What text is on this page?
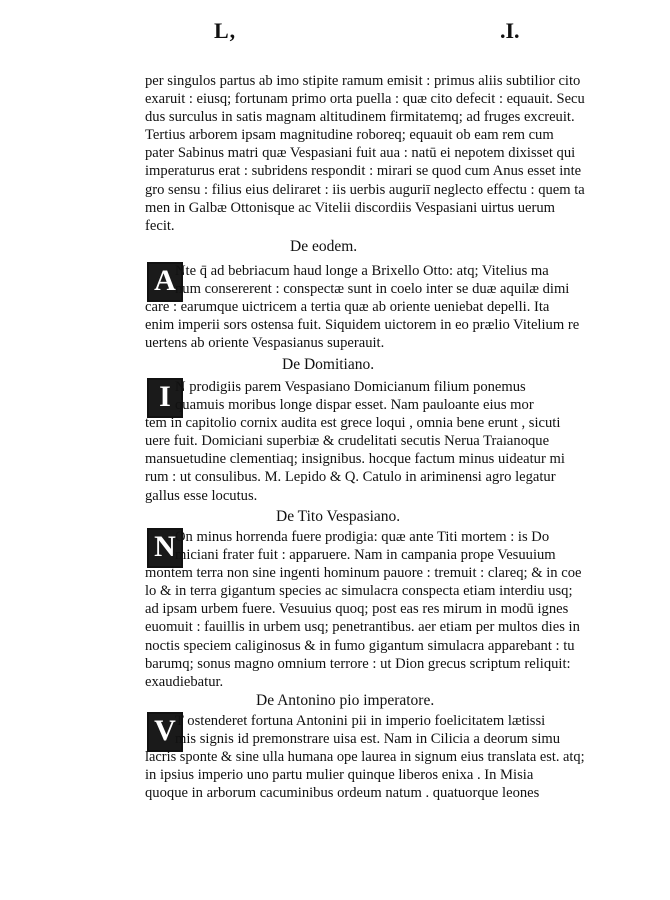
L,	.I.
per singulos partus ab imo stipite ramum emisit : primus aliis subtilior cito
exaruit : eiusq; fortunam primo orta puella : quæ cito defecit : equauit. Secu
dus surculus in satis magnam altitudinem firmitatemq; ad fruges excreuit.
Tertius arborem ipsam magnitudine roboreq; equauit ob eam rem cum
pater Sabinus matri quæ Vespasiani fuit aua : natū ei nepotem dixisset qui
imperaturus erat : subridens respondit : mirari se quod cum Anus esset inte
gro sensu : filius eius deliraret : iis uerbis auguriī neglecto effectu : quem ta
men in Galbæ Ottonisque ac Vitelii discordiis Vespasiani uirtus uerum
fecit.
De eodem.
A Nte q̄ ad bebriacum haud longe a Brixello Otto: atq; Vitelius ma
num consererent : conspectæ sunt in coelo inter se duæ aquilæ dimi
care : earumque uictricem a tertia quæ ab oriente ueniebat depelli. Ita
enim imperii sors ostensa fuit. Siquidem uictorem in eo prælio Vitelium re
uertens ab oriente Vespasianus superauit.
De Domitiano.
I N prodigiis parem Vespasiano Domicianum filium ponemus
quamuis moribus longe dispar esset. Nam pauloante eius mor
tem in capitolio cornix audita est grece loqui , omnia bene erunt , sicuti
uere fuit. Domiciani superbiæ & crudelitati secutis Nerua Traianoque
mansuetudine clementiaq; insignibus. hocque factum minus uideatur mi
rum : ut consulibus. M. Lepido & Q. Catulo in ariminensi agro legatur
gallus esse locutus.
De Tito Vespasiano.
N On minus horrenda fuere prodigia: quæ ante Titi mortem : is Do
miciani frater fuit : apparuere. Nam in campania prope Vesuuium
montem terra non sine ingenti hominum pauore : tremuit : clareq; & in coe
lo & in terra gigantum species ac simulacra conspecta etiam interdiu usq;
ad ipsam urbem fuere. Vesuuius quoq; post eas res mirum in modū ignes
euomuit : fauillis in urbem usq; penetrantibus. aer etiam per multos dies in
noctis speciem caliginosus & in fumo gigantum simulacra apparebant : tu
barumq; sonus magno omnium terrore : ut Dion grecus scriptum reliquit:
exaudiebatur.
De Antonino pio imperatore.
V T ostenderet fortuna Antonini pii in imperio foelicitatem lætissi
mis signis id premonstrare uisa est. Nam in Cilicia a deorum simu
lacris sponte & sine ulla humana ope laurea in signum eius translata est. atq;
in ipsius imperio uno partu mulier quinque liberos enixa . In Misia
quoque in arborum cacuminibus ordeum natum . quatuorque leones
